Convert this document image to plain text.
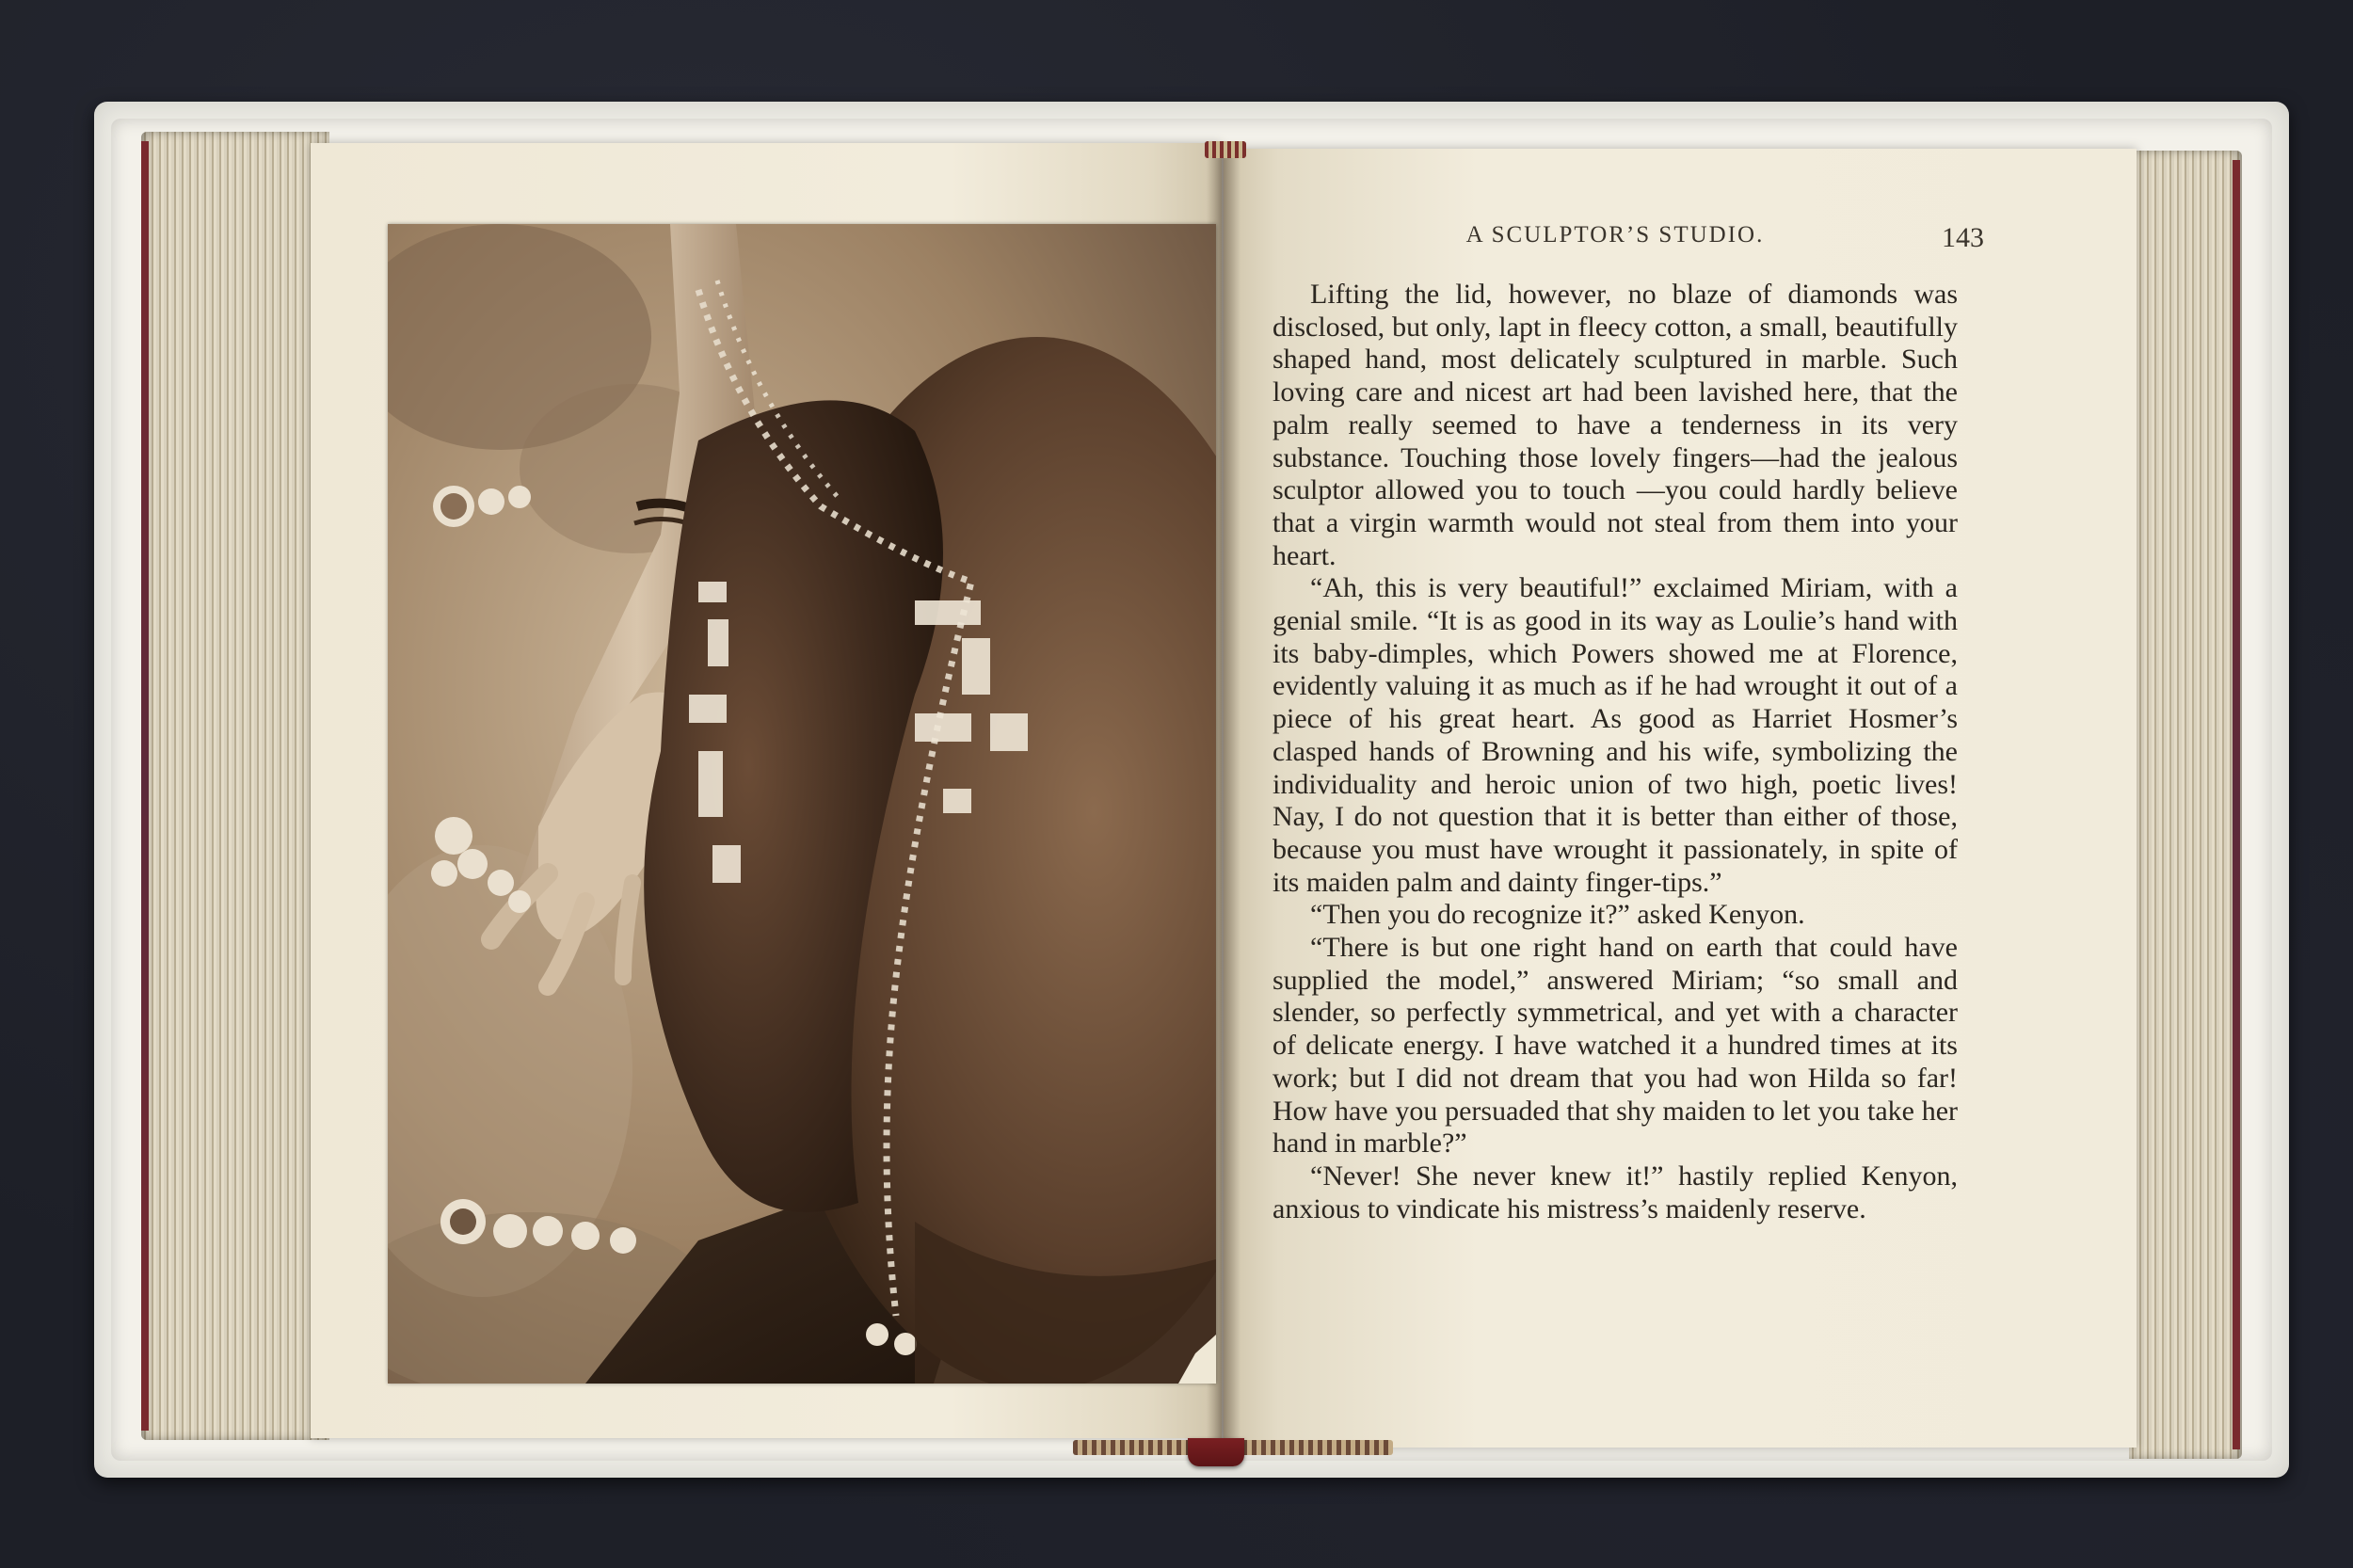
A SCULPTOR’S STUDIO.	143

Lifting the lid, however, no blaze of diamonds was disclosed, but only, lapt in fleecy cotton, a small, beautifully shaped hand, most delicately sculptured in marble. Such loving care and nicest art had been lavished here, that the palm really seemed to have a tenderness in its very substance. Touching those lovely fingers—had the jealous sculptor allowed you to touch —you could hardly believe that a virgin warmth would not steal from them into your heart.

“Ah, this is very beautiful!” exclaimed Miriam, with a genial smile. “It is as good in its way as Loulie’s hand with its baby-dimples, which Powers showed me at Florence, evidently valuing it as much as if he had wrought it out of a piece of his great heart. As good as Harriet Hosmer’s clasped hands of Browning and his wife, symbolizing the individuality and heroic union of two high, poetic lives! Nay, I do not question that it is better than either of those, because you must have wrought it passionately, in spite of its maiden palm and dainty finger-tips.”

“Then you do recognize it?” asked Kenyon.

“There is but one right hand on earth that could have supplied the model,” answered Miriam; “so small and slender, so perfectly symmetrical, and yet with a character of delicate energy. I have watched it a hundred times at its work; but I did not dream that you had won Hilda so far! How have you persuaded that shy maiden to let you take her hand in marble?”

“Never! She never knew it!” hastily replied Kenyon, anxious to vindicate his mistress’s maidenly reserve.
